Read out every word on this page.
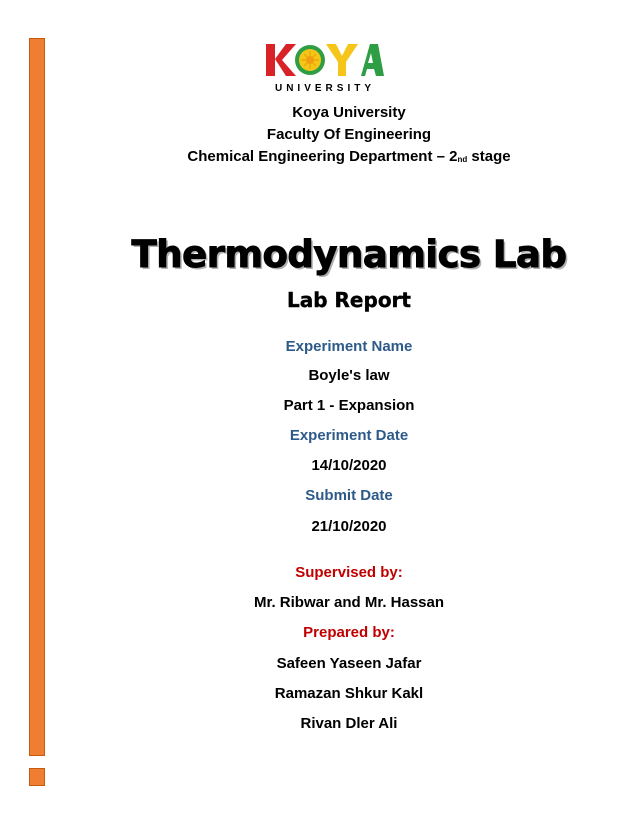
UNIVERSITY
Koya University
Faculty Of Engineering
Chemical Engineering Department – 2nd stage
Thermodynamics Lab
Lab Report
Experiment Name
Boyle's law
Part 1 - Expansion
Experiment Date
14/10/2020
Submit Date
21/10/2020
Supervised by:
Mr. Ribwar and Mr. Hassan
Prepared by:
Safeen Yaseen Jafar
Ramazan Shkur Kakl
Rivan Dler Ali
